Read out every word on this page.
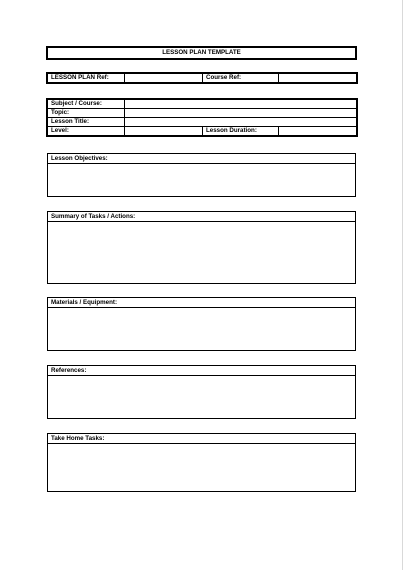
LESSON PLAN TEMPLATE
LESSON PLAN Ref:		Course Ref:	
Subject / Course:			
Topic:			
Lesson Title:			
Level:		Lesson Duration:	
Lesson Objectives:
Summary of Tasks / Actions:
Materials / Equipment:
References:
Take Home Tasks:
